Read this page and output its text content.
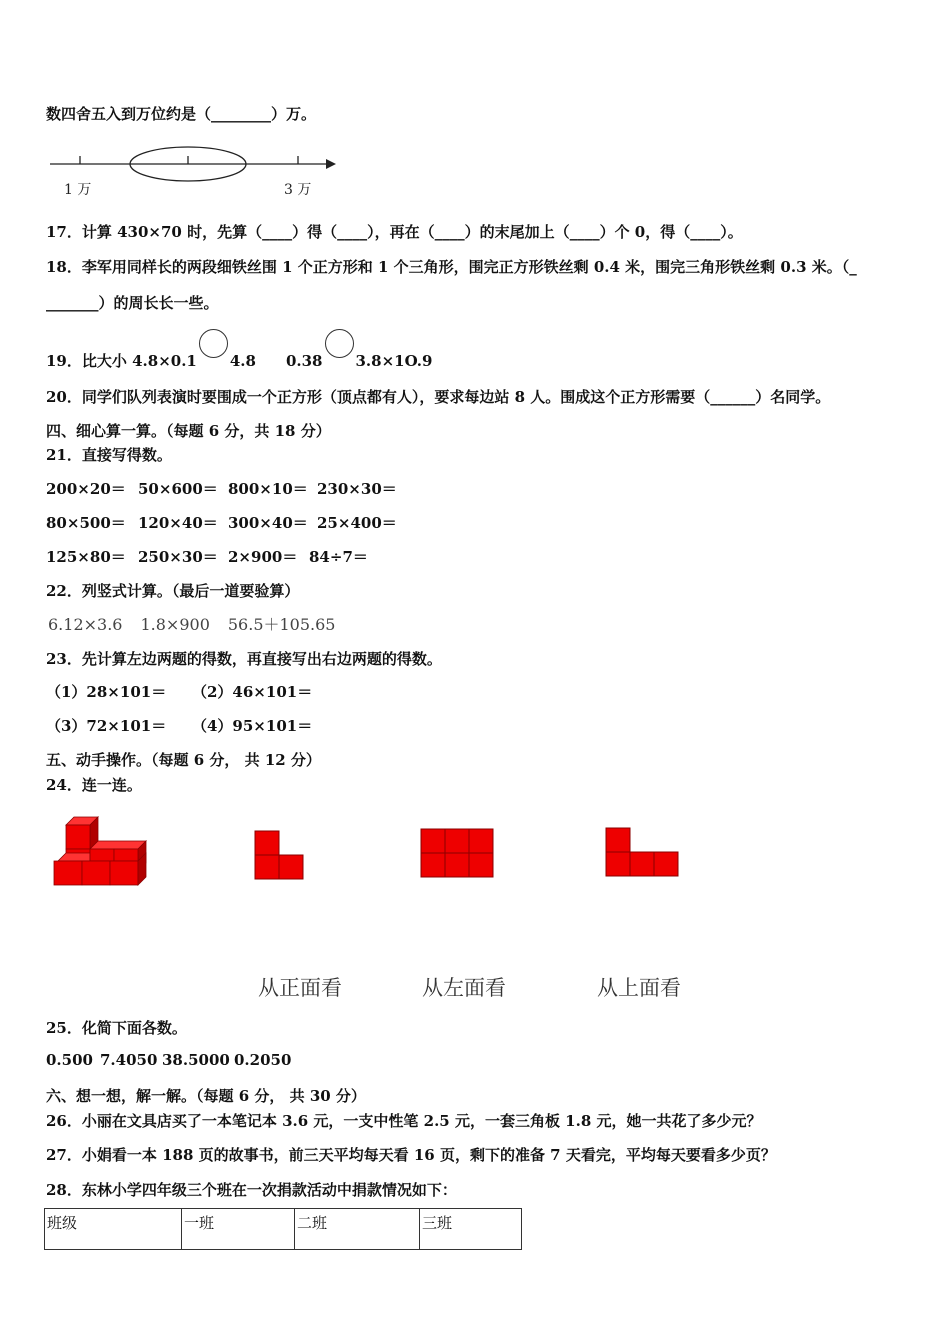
数四舍五入到万位约是（________）万。
1 万	3 万
17．计算 430×70 时，先算（____）得（____），再在（____）的末尾加上（____）个 0，得（____）。
18．李军用同样长的两段细铁丝围 1 个正方形和 1 个三角形，围完正方形铁丝剩 0.4 米，围完三角形铁丝剩 0.3 米。（_
_______）的周长长一些。
19．比大小 4.8×0.1 4.8　　0.38 3.8×1O.9
20．同学们队列表演时要围成一个正方形（顶点都有人），要求每边站 8 人。围成这个正方形需要（______）名同学。
四、细心算一算。（每题 6 分，共 18 分）
21．直接写得数。
200×20＝ 50×600＝ 800×10＝ 230×30＝
80×500＝ 120×40＝ 300×40＝ 25×400＝
125×80＝ 250×30＝ 2×900＝ 84÷7＝
22．列竖式计算。（最后一道要验算）
6.12×3.6 1.8×900 56.5＋105.65
23．先计算左边两题的得数，再直接写出右边两题的得数。
（1）28×101＝ （2）46×101＝
（3）72×101＝ （4）95×101＝
五、动手操作。（每题 6 分， 共 12 分）
24．连一连。
从正面看	从左面看	从上面看
25．化简下面各数。
0.500 7.4050 38.5000 0.2050
六、想一想，解一解。（每题 6 分， 共 30 分）
26．小丽在文具店买了一本笔记本 3.6 元，一支中性笔 2.5 元，一套三角板 1.8 元，她一共花了多少元？
27．小娟看一本 188 页的故事书，前三天平均每天看 16 页，剩下的准备 7 天看完，平均每天要看多少页？
28．东林小学四年级三个班在一次捐款活动中捐款情况如下：
班级	一班	二班	三班
